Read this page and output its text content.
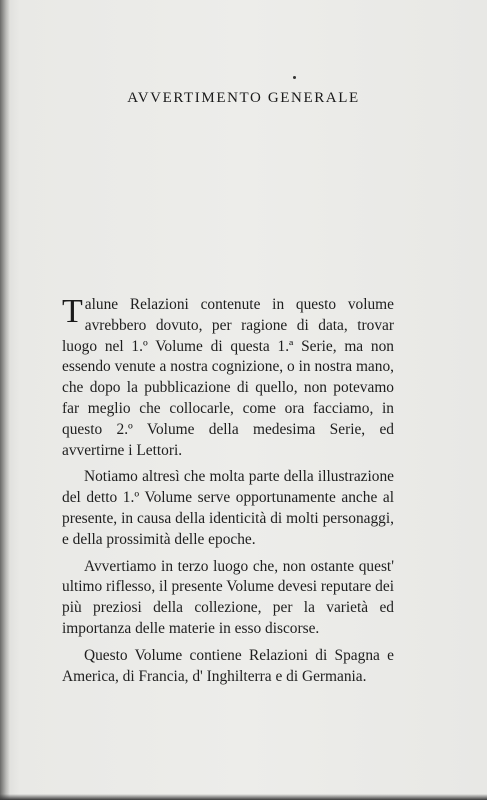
AVVERTIMENTO GENERALE

Talune Relazioni contenute in questo volume avrebbero dovuto, per ragione di data, trovar luogo nel 1.º Volume di questa 1.ª Serie, ma non essendo venute a nostra cognizione, o in nostra mano, che dopo la pubblicazione di quello, non potevamo far meglio che collocarle, come ora facciamo, in questo 2.º Volume della medesima Serie, ed avvertirne i Lettori.

Notiamo altresì che molta parte della illustrazione del detto 1.º Volume serve opportunamente anche al presente, in causa della identicità di molti personaggi, e della prossimità delle epoche.

Avvertiamo in terzo luogo che, non ostante quest' ultimo riflesso, il presente Volume devesi reputare dei più preziosi della collezione, per la varietà ed importanza delle materie in esso discorse.

Questo Volume contiene Relazioni di Spagna e America, di Francia, d' Inghilterra e di Germania.
